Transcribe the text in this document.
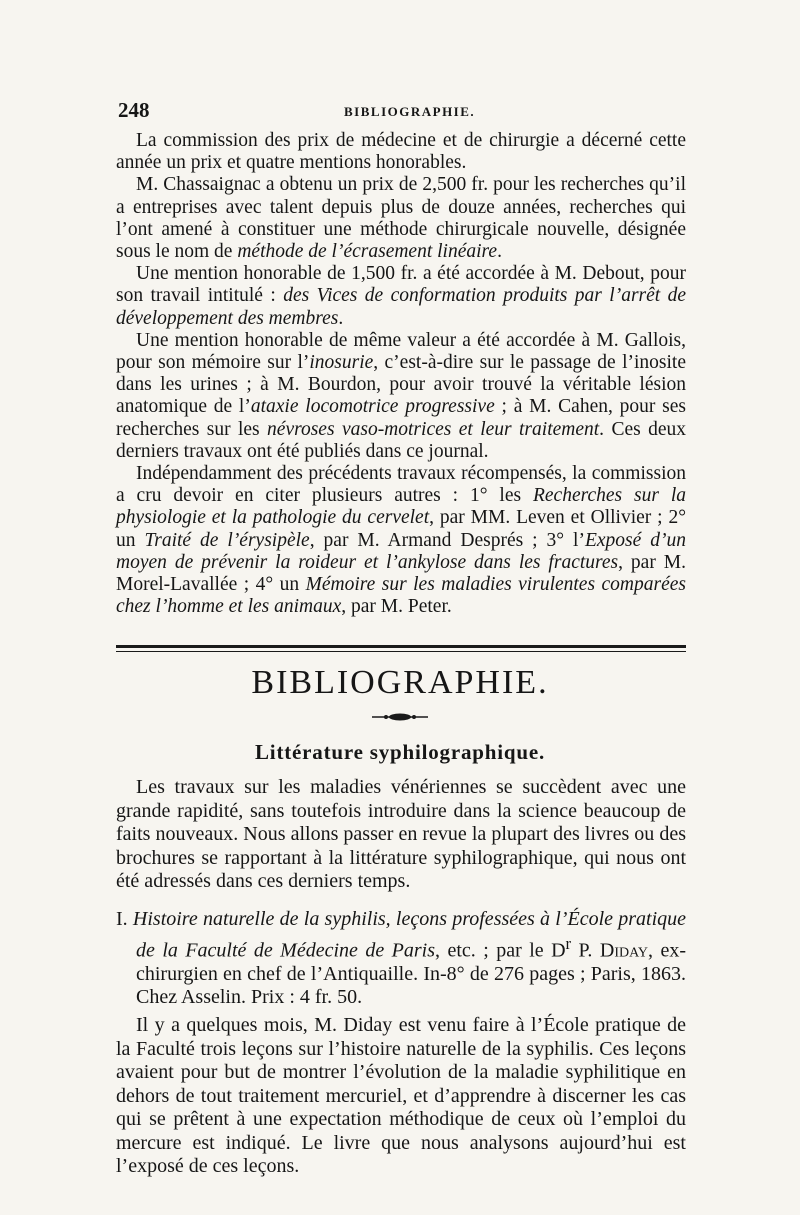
248	BIBLIOGRAPHIE.

La commission des prix de médecine et de chirurgie a décerné cette année un prix et quatre mentions honorables.

M. Chassaignac a obtenu un prix de 2,500 fr. pour les recherches qu’il a entreprises avec talent depuis plus de douze années, recherches qui l’ont amené à constituer une méthode chirurgicale nouvelle, désignée sous le nom de méthode de l’écrasement linéaire.

Une mention honorable de 1,500 fr. a été accordée à M. Debout, pour son travail intitulé : des Vices de conformation produits par l’arrêt de développement des membres.

Une mention honorable de même valeur a été accordée à M. Gallois, pour son mémoire sur l’inosurie, c’est-à-dire sur le passage de l’inosite dans les urines ; à M. Bourdon, pour avoir trouvé la véritable lésion anatomique de l’ataxie locomotrice progressive ; à M. Cahen, pour ses recherches sur les névroses vaso-motrices et leur traitement. Ces deux derniers travaux ont été publiés dans ce journal.

Indépendamment des précédents travaux récompensés, la commission a cru devoir en citer plusieurs autres : 1° les Recherches sur la physiologie et la pathologie du cervelet, par MM. Leven et Ollivier ; 2° un Traité de l’érysipèle, par M. Armand Després ; 3° l’Exposé d’un moyen de prévenir la roideur et l’ankylose dans les fractures, par M. Morel-Lavallée ; 4° un Mémoire sur les maladies virulentes comparées chez l’homme et les animaux, par M. Peter.

BIBLIOGRAPHIE.
Littérature syphilographique.

Les travaux sur les maladies vénériennes se succèdent avec une grande rapidité, sans toutefois introduire dans la science beaucoup de faits nouveaux. Nous allons passer en revue la plupart des livres ou des brochures se rapportant à la littérature syphilographique, qui nous ont été adressés dans ces derniers temps.

I. Histoire naturelle de la syphilis, leçons professées à l’École pratique de la Faculté de Médecine de Paris, etc. ; par le $D^r$ P. Diday, ex-chirurgien en chef de l’Antiquaille. In-8° de 276 pages ; Paris, 1863. Chez Asselin. Prix : 4 fr. 50.

Il y a quelques mois, M. Diday est venu faire à l’École pratique de la Faculté trois leçons sur l’histoire naturelle de la syphilis. Ces leçons avaient pour but de montrer l’évolution de la maladie syphilitique en dehors de tout traitement mercuriel, et d’apprendre à discerner les cas qui se prêtent à une expectation méthodique de ceux où l’emploi du mercure est indiqué. Le livre que nous analysons aujourd’hui est l’exposé de ces leçons.
